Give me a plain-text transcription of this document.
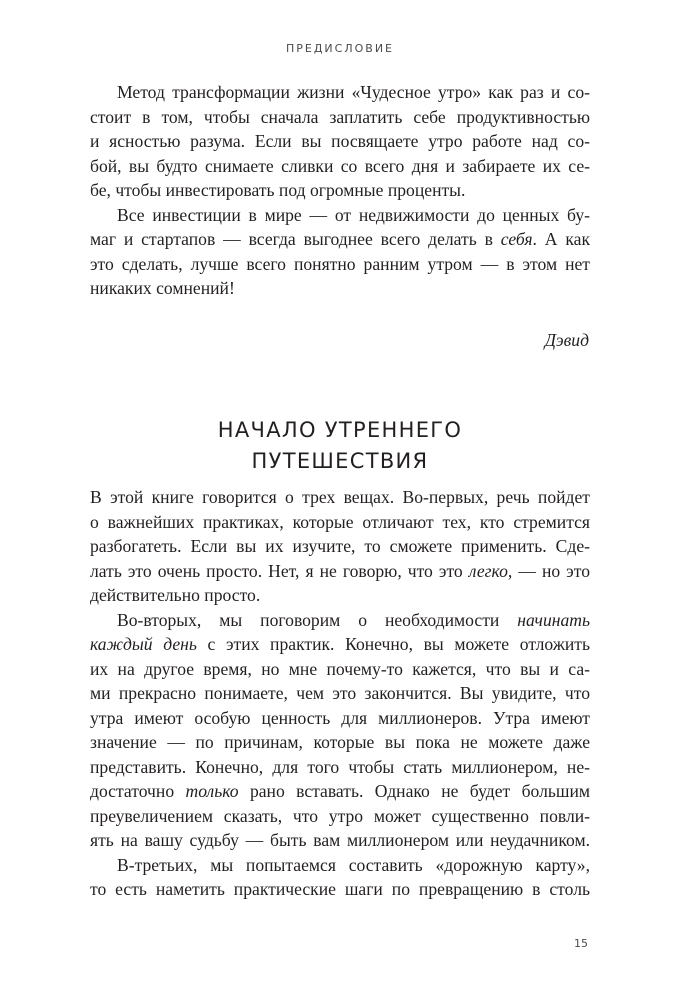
ПРЕДИСЛОВИЕ
Метод трансформации жизни «Чудесное утро» как раз и со-
стоит в том, чтобы сначала заплатить себе продуктивностью
и ясностью разума. Если вы посвящаете утро работе над со-
бой, вы будто снимаете сливки со всего дня и забираете их се-
бе, чтобы инвестировать под огромные проценты.
Все инвестиции в мире — от недвижимости до ценных бу-
маг и стартапов — всегда выгоднее всего делать в себя. А как
это сделать, лучше всего понятно ранним утром — в этом нет
никаких сомнений!
Дэвид
НАЧАЛО УТРЕННЕГО
ПУТЕШЕСТВИЯ
В этой книге говорится о трех вещах. Во-первых, речь пойдет
о важнейших практиках, которые отличают тех, кто стремится
разбогатеть. Если вы их изучите, то сможете применить. Сде-
лать это очень просто. Нет, я не говорю, что это легко, — но это
действительно просто.
Во-вторых, мы поговорим о необходимости начинать
каждый день с этих практик. Конечно, вы можете отложить
их на другое время, но мне почему-то кажется, что вы и са-
ми прекрасно понимаете, чем это закончится. Вы увидите, что
утра имеют особую ценность для миллионеров. Утра имеют
значение — по причинам, которые вы пока не можете даже
представить. Конечно, для того чтобы стать миллионером, не-
достаточно только рано вставать. Однако не будет большим
преувеличением сказать, что утро может существенно повли-
ять на вашу судьбу — быть вам миллионером или неудачником.
В-третьих, мы попытаемся составить «дорожную карту»,
то есть наметить практические шаги по превращению в столь
15
